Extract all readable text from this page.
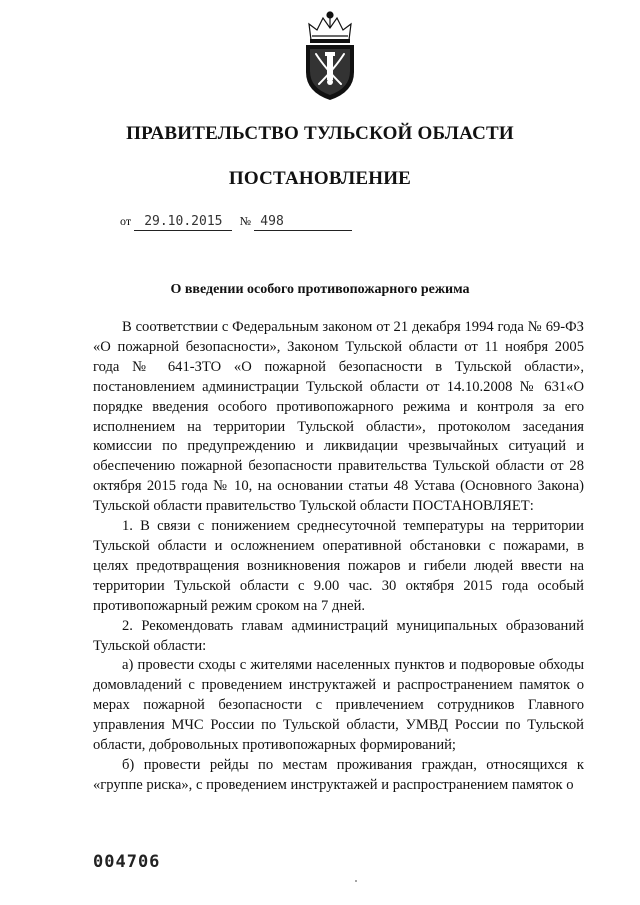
ПРАВИТЕЛЬСТВО ТУЛЬСКОЙ ОБЛАСТИ
ПОСТАНОВЛЕНИЕ
от 29.10.2015 № 498
О введении особого противопожарного режима

В соответствии с Федеральным законом от 21 декабря 1994 года № 69-ФЗ «О пожарной безопасности», Законом Тульской области от 11 ноября 2005 года № 641-ЗТО «О пожарной безопасности в Тульской области», постановлением администрации Тульской области от 14.10.2008 № 631«О порядке введения особого противопожарного режима и контроля за его исполнением на территории Тульской области», протоколом заседания комиссии по предупреждению и ликвидации чрезвычайных ситуаций и обеспечению пожарной безопасности правительства Тульской области от 28 октября 2015 года № 10, на основании статьи 48 Устава (Основного Закона) Тульской области правительство Тульской области ПОСТАНОВЛЯЕТ:

1. В связи с понижением среднесуточной температуры на территории Тульской области и осложнением оперативной обстановки с пожарами, в целях предотвращения возникновения пожаров и гибели людей ввести на территории Тульской области с 9.00 час. 30 октября 2015 года особый противопожарный режим сроком на 7 дней.

2. Рекомендовать главам администраций муниципальных образований Тульской области:

а) провести сходы с жителями населенных пунктов и подворовые обходы домовладений с проведением инструктажей и распространением памяток о мерах пожарной безопасности с привлечением сотрудников Главного управления МЧС России по Тульской области, УМВД России по Тульской области, добровольных противопожарных формирований;

б) провести рейды по местам проживания граждан, относящихся к «группе риска», с проведением инструктажей и распространением памяток о

004706
